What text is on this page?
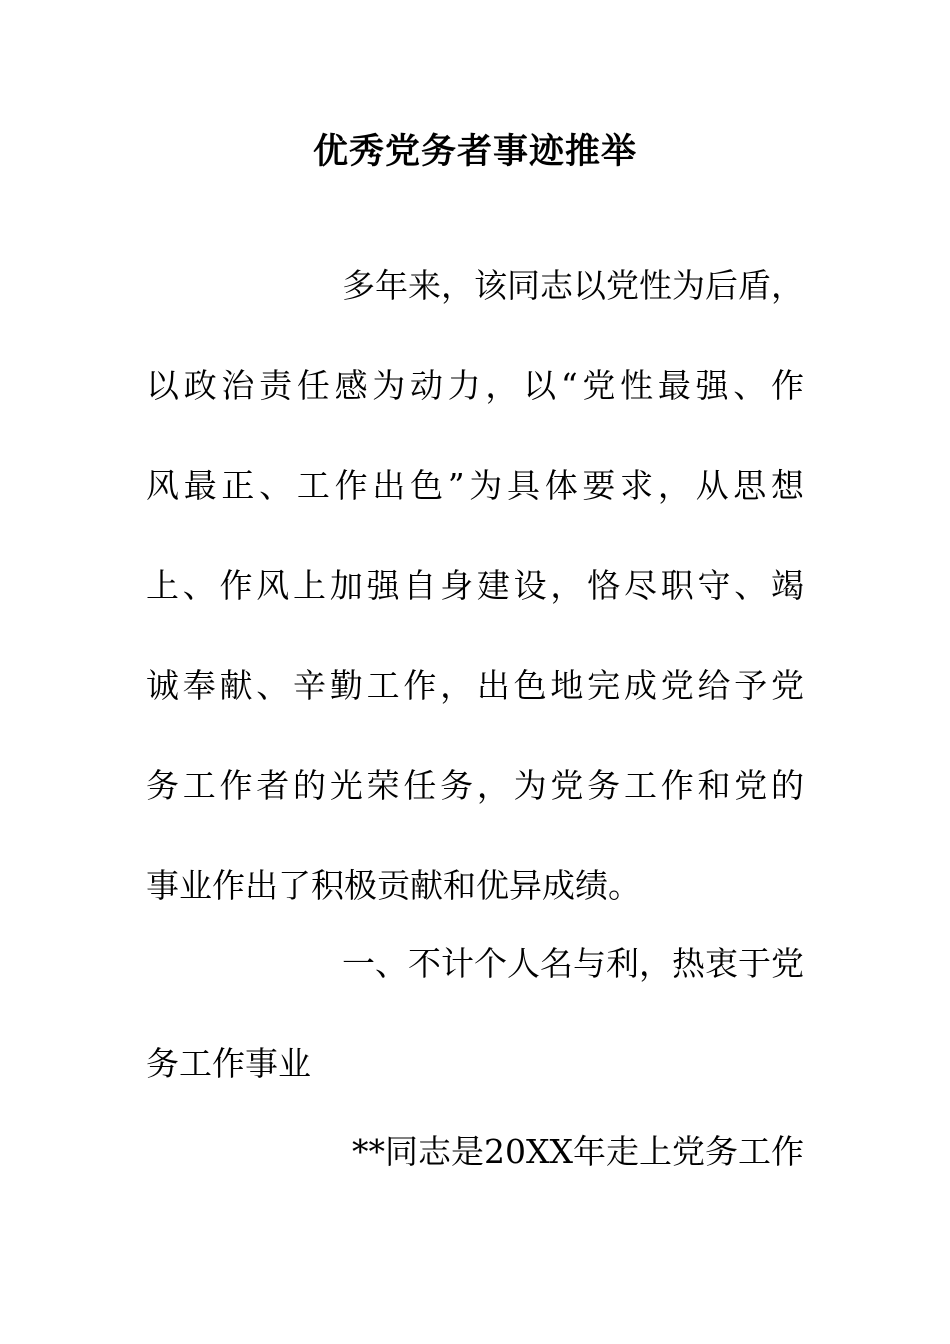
优秀党务者事迹推举
多年来，该同志以党性为后盾，
以政治责任感为动力，以“党性最强、作
风最正、工作出色”为具体要求，从思想
上、作风上加强自身建设，恪尽职守、竭
诚奉献、辛勤工作，出色地完成党给予党
务工作者的光荣任务，为党务工作和党的
事业作出了积极贡献和优异成绩。
一、不计个人名与利，热衷于党
务工作事业
**同志是20XX年走上党务工作
